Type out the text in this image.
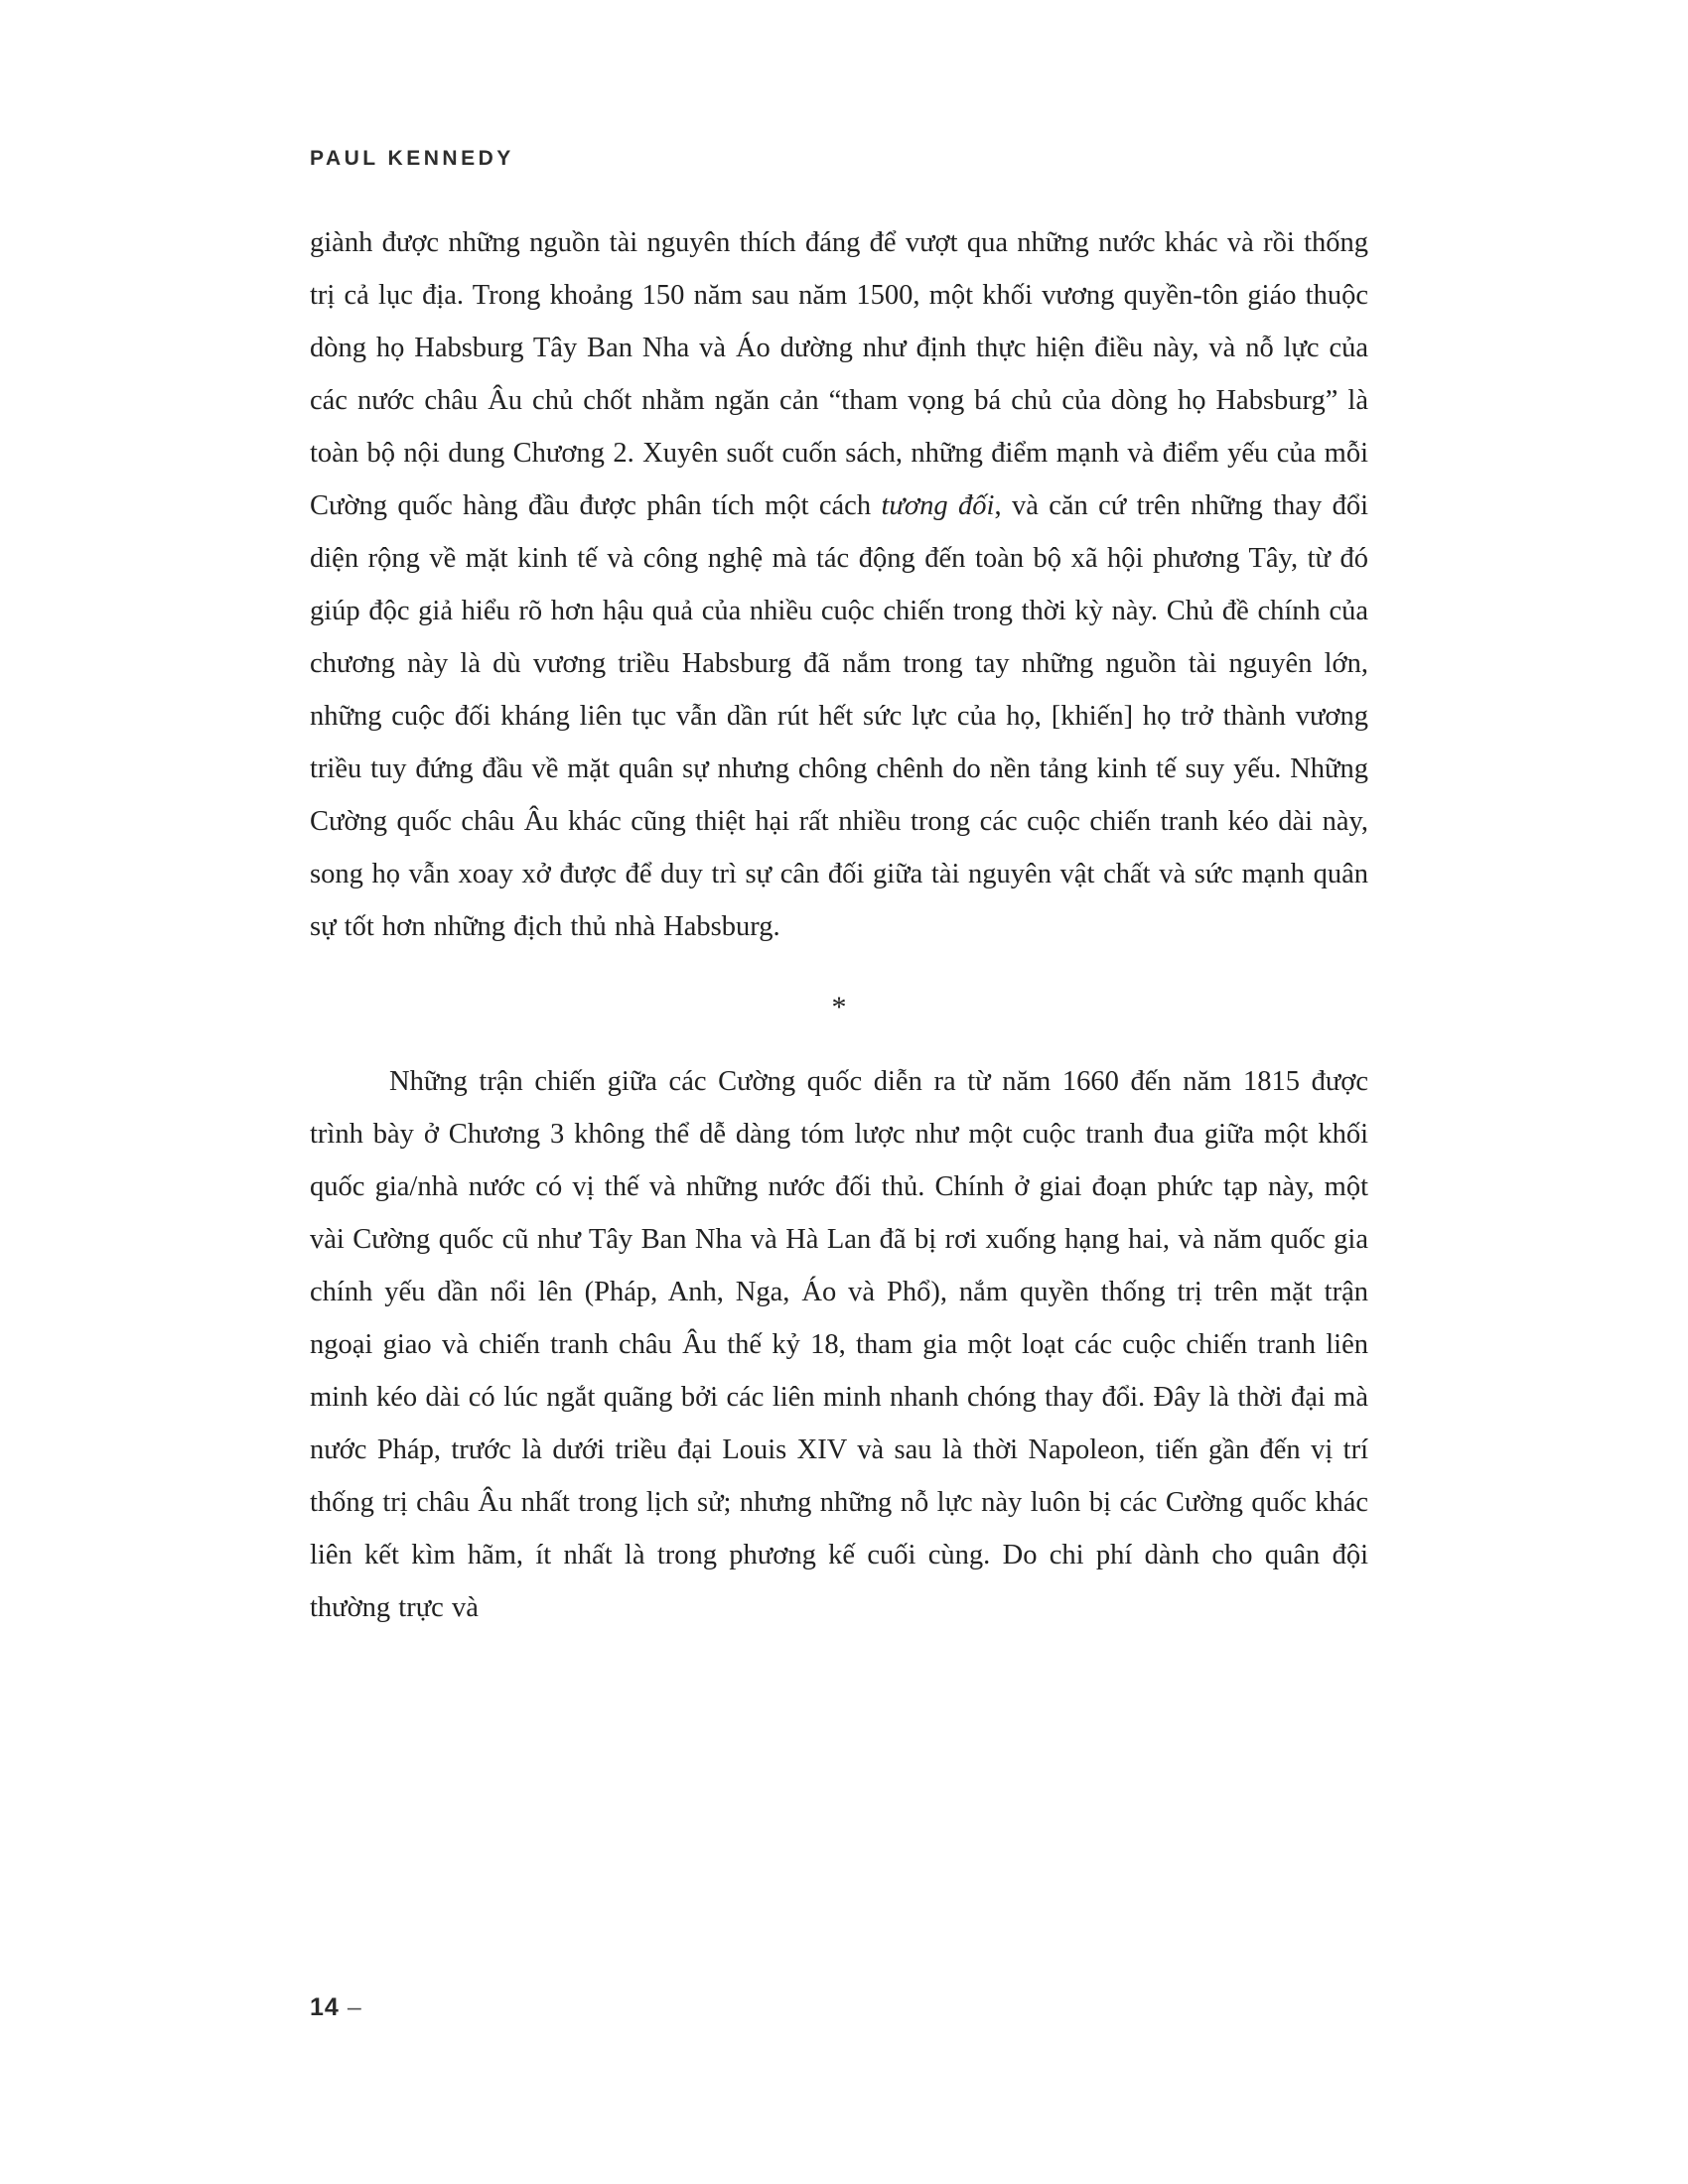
PAUL KENNEDY

giành được những nguồn tài nguyên thích đáng để vượt qua những nước khác và rồi thống trị cả lục địa. Trong khoảng 150 năm sau năm 1500, một khối vương quyền-tôn giáo thuộc dòng họ Habsburg Tây Ban Nha và Áo dường như định thực hiện điều này, và nỗ lực của các nước châu Âu chủ chốt nhằm ngăn cản “tham vọng bá chủ của dòng họ Habsburg” là toàn bộ nội dung Chương 2. Xuyên suốt cuốn sách, những điểm mạnh và điểm yếu của mỗi Cường quốc hàng đầu được phân tích một cách tương đối, và căn cứ trên những thay đổi diện rộng về mặt kinh tế và công nghệ mà tác động đến toàn bộ xã hội phương Tây, từ đó giúp độc giả hiểu rõ hơn hậu quả của nhiều cuộc chiến trong thời kỳ này. Chủ đề chính của chương này là dù vương triều Habsburg đã nắm trong tay những nguồn tài nguyên lớn, những cuộc đối kháng liên tục vẫn dần rút hết sức lực của họ, [khiến] họ trở thành vương triều tuy đứng đầu về mặt quân sự nhưng chông chênh do nền tảng kinh tế suy yếu. Những Cường quốc châu Âu khác cũng thiệt hại rất nhiều trong các cuộc chiến tranh kéo dài này, song họ vẫn xoay xở được để duy trì sự cân đối giữa tài nguyên vật chất và sức mạnh quân sự tốt hơn những địch thủ nhà Habsburg.

*

Những trận chiến giữa các Cường quốc diễn ra từ năm 1660 đến năm 1815 được trình bày ở Chương 3 không thể dễ dàng tóm lược như một cuộc tranh đua giữa một khối quốc gia/nhà nước có vị thế và những nước đối thủ. Chính ở giai đoạn phức tạp này, một vài Cường quốc cũ như Tây Ban Nha và Hà Lan đã bị rơi xuống hạng hai, và năm quốc gia chính yếu dần nổi lên (Pháp, Anh, Nga, Áo và Phổ), nắm quyền thống trị trên mặt trận ngoại giao và chiến tranh châu Âu thế kỷ 18, tham gia một loạt các cuộc chiến tranh liên minh kéo dài có lúc ngắt quãng bởi các liên minh nhanh chóng thay đổi. Đây là thời đại mà nước Pháp, trước là dưới triều đại Louis XIV và sau là thời Napoleon, tiến gần đến vị trí thống trị châu Âu nhất trong lịch sử; nhưng những nỗ lực này luôn bị các Cường quốc khác liên kết kìm hãm, ít nhất là trong phương kế cuối cùng. Do chi phí dành cho quân đội thường trực và

14 –
